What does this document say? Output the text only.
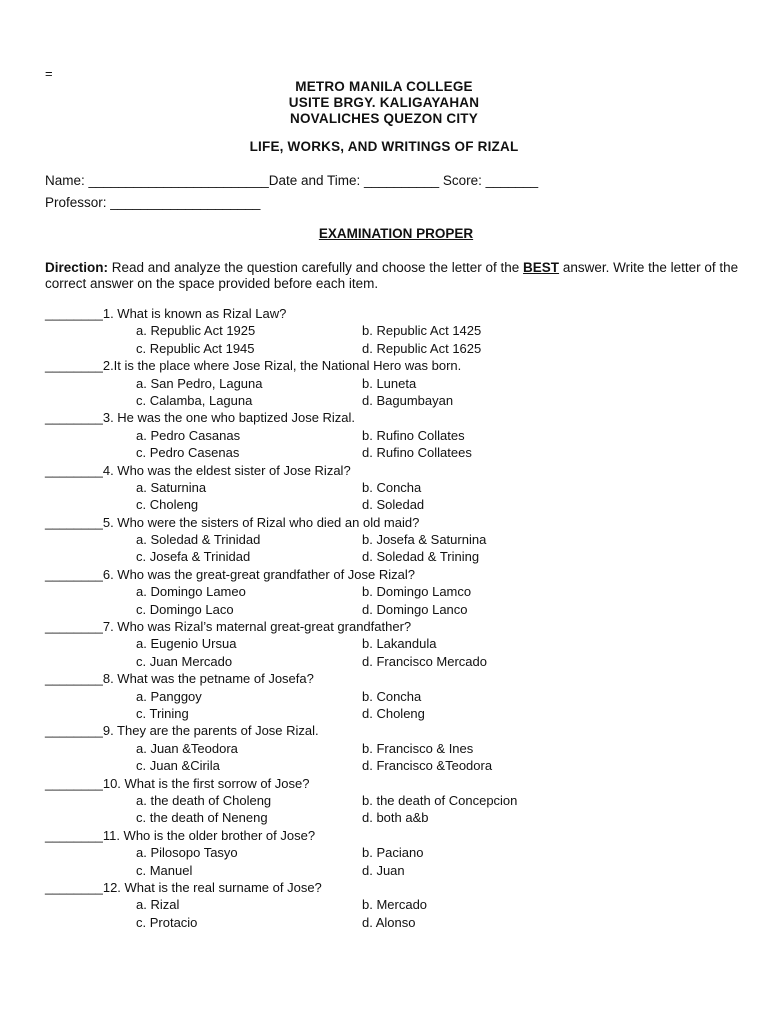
=
METRO MANILA COLLEGE
USITE BRGY. KALIGAYAHAN
NOVALICHES QUEZON CITY
LIFE, WORKS, AND WRITINGS OF RIZAL
Name: ________________________Date and Time: __________ Score: _______
Professor: ____________________
EXAMINATION PROPER
Direction: Read and analyze the question carefully and choose the letter of the BEST answer. Write the letter of the correct answer on the space provided before each item.
________1. What is known as Rizal Law?
a. Republic Act 1925	b. Republic Act 1425
c. Republic Act 1945	d. Republic Act 1625
________2.It is the place where Jose Rizal, the National Hero was born.
a. San Pedro, Laguna	b. Luneta
c. Calamba, Laguna	d. Bagumbayan
________3. He was the one who baptized Jose Rizal.
a. Pedro Casanas	b. Rufino Collates
c. Pedro Casenas	d. Rufino Collatees
________4. Who was the eldest sister of Jose Rizal?
a. Saturnina	b. Concha
c. Choleng	d. Soledad
________5. Who were the sisters of Rizal who died an old maid?
a. Soledad & Trinidad	b. Josefa & Saturnina
c. Josefa & Trinidad	d. Soledad & Trining
________6. Who was the great-great grandfather of Jose Rizal?
a. Domingo Lameo	b. Domingo Lamco
c. Domingo Laco	d. Domingo Lanco
________7. Who was Rizal’s maternal great-great grandfather?
a. Eugenio Ursua	b. Lakandula
c. Juan Mercado	d. Francisco Mercado
________8. What was the petname of Josefa?
a. Panggoy	b. Concha
c. Trining	d. Choleng
________9. They are the parents of Jose Rizal.
a. Juan &Teodora	b. Francisco & Ines
c. Juan &Cirila	d. Francisco &Teodora
________10. What is the first sorrow of Jose?
a. the death of Choleng	b. the death of Concepcion
c. the death of Neneng	d. both a&b
________11. Who is the older brother of Jose?
a. Pilosopo Tasyo	b. Paciano
c. Manuel	d. Juan
________12. What is the real surname of Jose?
a. Rizal	b. Mercado
c. Protacio	d. Alonso
